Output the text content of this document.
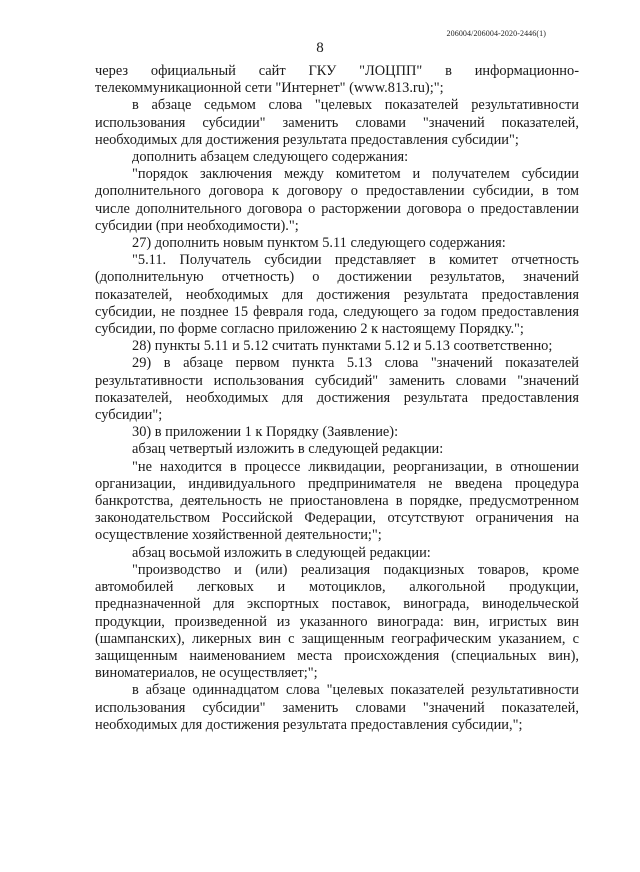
206004/206004-2020-2446(1)
8

через официальный сайт ГКУ "ЛОЦПП" в информационно-телекоммуникационной сети "Интернет" (www.813.ru);";

в абзаце седьмом слова "целевых показателей результативности использования субсидии" заменить словами "значений показателей, необходимых для достижения результата предоставления субсидии";

дополнить абзацем следующего содержания:

"порядок заключения между комитетом и получателем субсидии дополнительного договора к договору о предоставлении субсидии, в том числе дополнительного договора о расторжении договора о предоставлении субсидии (при необходимости).";

27) дополнить новым пунктом 5.11 следующего содержания:

"5.11. Получатель субсидии представляет в комитет отчетность (дополнительную отчетность) о достижении результатов, значений показателей, необходимых для достижения результата предоставления субсидии, не позднее 15 февраля года, следующего за годом предоставления субсидии, по форме согласно приложению 2 к настоящему Порядку.";

28) пункты 5.11 и 5.12 считать пунктами 5.12 и 5.13 соответственно;

29) в абзаце первом пункта 5.13 слова "значений показателей результативности использования субсидий" заменить словами "значений показателей, необходимых для достижения результата предоставления субсидии";

30) в приложении 1 к Порядку (Заявление):

абзац четвертый изложить в следующей редакции:

"не находится в процессе ликвидации, реорганизации, в отношении организации, индивидуального предпринимателя не введена процедура банкротства, деятельность не приостановлена в порядке, предусмотренном законодательством Российской Федерации, отсутствуют ограничения на осуществление хозяйственной деятельности;";

абзац восьмой изложить в следующей редакции:

"производство и (или) реализация подакцизных товаров, кроме автомобилей легковых и мотоциклов, алкогольной продукции, предназначенной для экспортных поставок, винограда, винодельческой продукции, произведенной из указанного винограда: вин, игристых вин (шампанских), ликерных вин с защищенным географическим указанием, с защищенным наименованием места происхождения (специальных вин), виноматериалов, не осуществляет;";

в абзаце одиннадцатом слова "целевых показателей результативности использования субсидии" заменить словами "значений показателей, необходимых для достижения результата предоставления субсидии,";
